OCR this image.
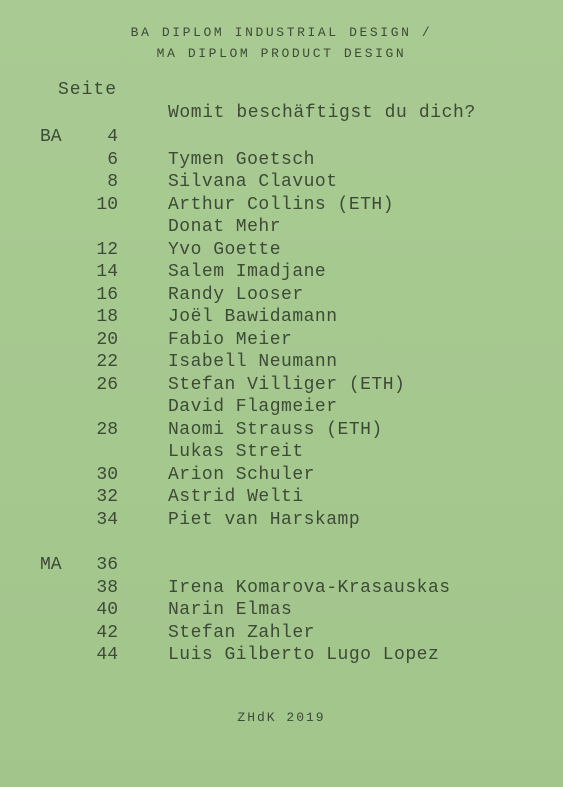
BA DIPLOM INDUSTRIAL DESIGN /
MA DIPLOM PRODUCT DESIGN
Seite
Womit beschäftigst du dich?
BA	4
6	Tymen Goetsch
8	Silvana Clavuot
10	Arthur Collins (ETH)
Donat Mehr
12	Yvo Goette
14	Salem Imadjane
16	Randy Looser
18	Joël Bawidamann
20	Fabio Meier
22	Isabell Neumann
26	Stefan Villiger (ETH)
David Flagmeier
28	Naomi Strauss (ETH)
Lukas Streit
30	Arion Schuler
32	Astrid Welti
34	Piet van Harskamp
MA	36
38	Irena Komarova-Krasauskas
40	Narin Elmas
42	Stefan Zahler
44	Luis Gilberto Lugo Lopez
ZHdK 2019
